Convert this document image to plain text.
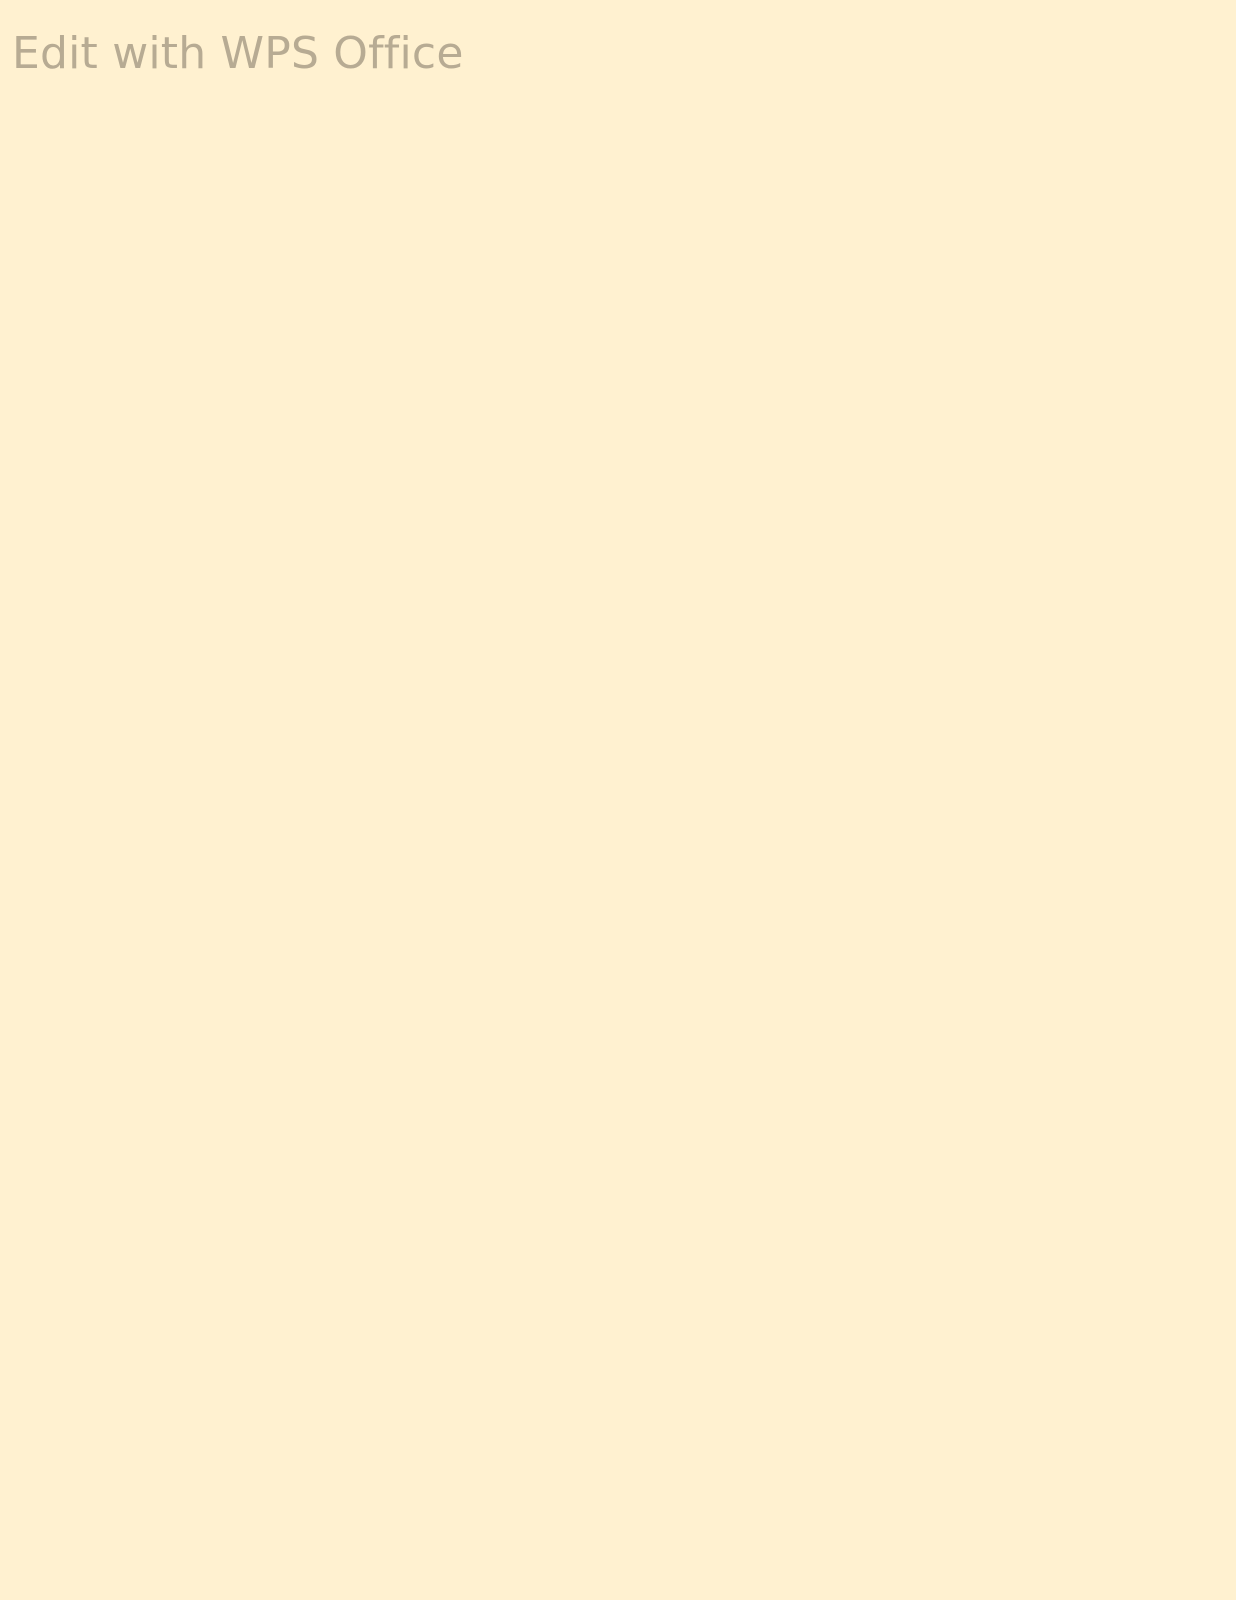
Edit with WPS Office
